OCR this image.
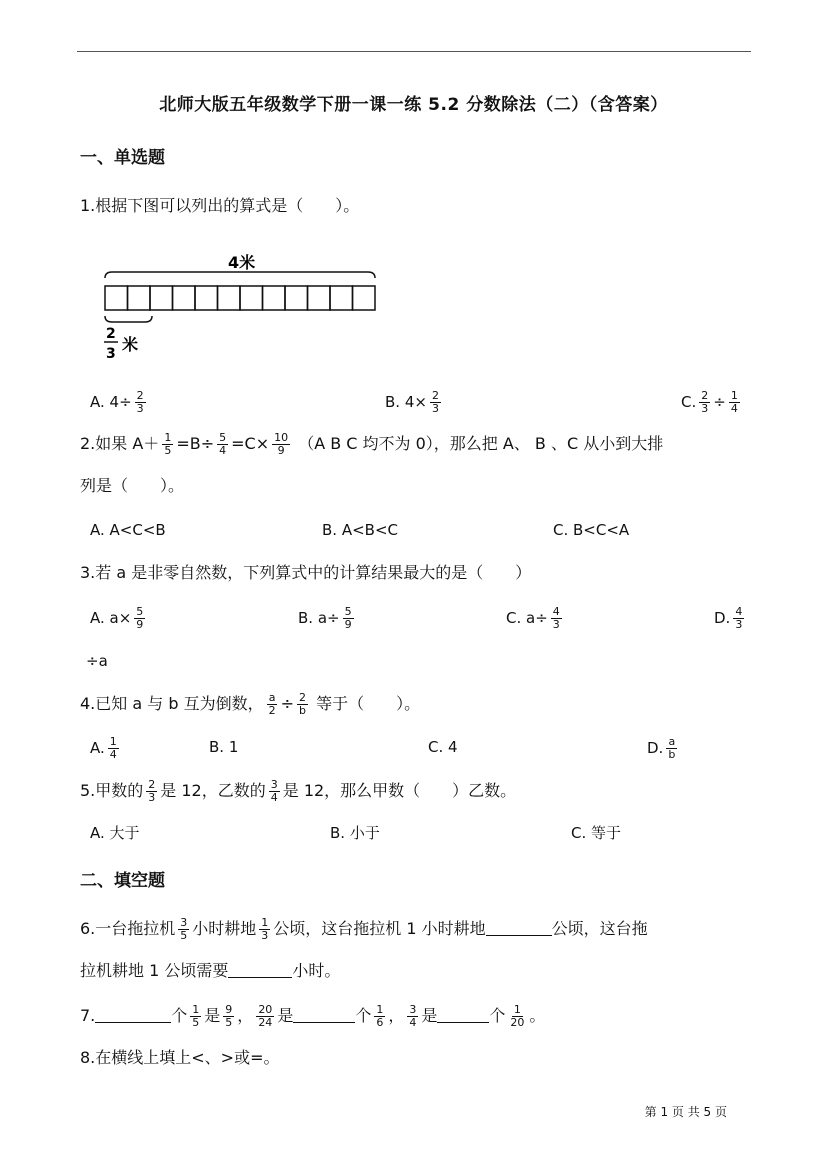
北师大版五年级数学下册一课一练 5.2 分数除法（二）（含答案）
一、单选题
1.根据下图可以列出的算式是（　　）。
4米
2
3 米
A. $4\div \frac{2}{3}$	B. $4\times \frac{2}{3}$	C. $\frac{2}{3} \div \frac{1}{4}$
2.如果 $A+ \frac{1}{5} =B\div \frac{5}{4} =C\times \frac{10}{9} (A$ B C 均不为 0），那么把 A、 B 、C 从小到大排
列是（　　）。
A. A<C<B	B. A<B<C	C. B<C<A
3.若 a 是非零自然数，下列算式中的计算结果最大的是（　　）
A. $a\times \frac{5}{9}$	B. $a\div \frac{5}{9}$	C. $a\div \frac{4}{3}$	D. $\frac{4}{3}$
÷a
4.已知 a 与 b 互为倒数， $\frac{a}{2} \div \frac{2}{b}$ 等于（　　）。
A. $\frac{1}{4}$	B. 1	C. 4	D. $\frac{a}{b}$
5.甲数的 $\frac{2}{3}$ 是 12，乙数的 $\frac{3}{4}$ 是 12，那么甲数（　　）乙数。
A. 大于	B. 小于	C. 等于
二、填空题
6.一台拖拉机 $\frac{3}{5}$ 小时耕地 $\frac{1}{3}$ 公顷，这台拖拉机 1 小时耕地	公顷，这台拖
拉机耕地 1 公顷需要	小时。
7.	个 $\frac{1}{5}$ 是 $\frac{9}{5}$ ， $\frac{20}{24}$ 是	个 $\frac{1}{6}$ ， $\frac{3}{4}$ 是	个 $\frac{1}{20}$ 。
8.在横线上填上<、>或=。
第 1 页 共 5 页
